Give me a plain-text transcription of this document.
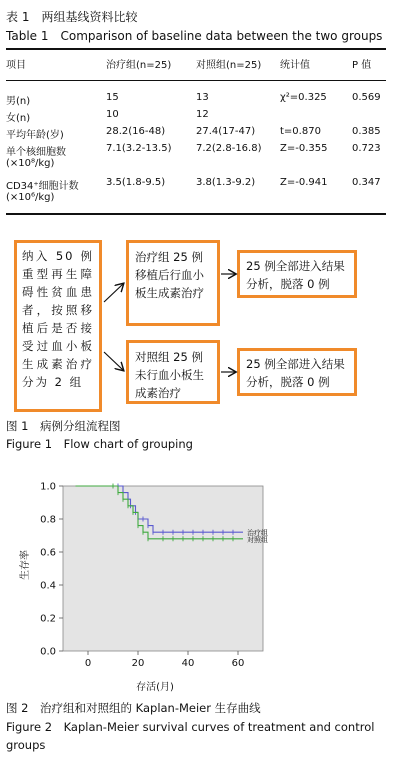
表 1　两组基线资料比较
Table 1　Comparison of baseline data between the two groups
项目	治疗组(n=25)	对照组(n=25)	统计值	P 值

男(n)	15	13	χ²=0.325	0.569
女(n)	10	12		
平均年龄(岁)	28.2(16-48)	27.4(17-47)	t=0.870	0.385
单个核细胞数 (×10⁸/kg)	7.1(3.2-13.5)	7.2(2.8-16.8)	Z=-0.355	0.723
CD34⁺细胞计数 (×10⁶/kg)	3.5(1.8-9.5)	3.8(1.3-9.2)	Z=-0.941	0.347
纳入 50 例重型再生障碍性贫血患者，按照移植后是否接受过血小板生成素治疗分为 2 组
治疗组 25 例移植后行血小板生成素治疗
对照组 25 例未行血小板生成素治疗
25 例全部进入结果分析，脱落 0 例
25 例全部进入结果分析，脱落 0 例
图 1　病例分组流程图
Figure 1　Flow chart of grouping
0	20	40	60
0.0
0.2
0.4
0.6
0.8
1.0
治疗组
对照组
存活(月)
生存率
图 2　治疗组和对照组的 Kaplan-Meier 生存曲线
Figure 2　Kaplan-Meier survival curves of treatment and control groups
